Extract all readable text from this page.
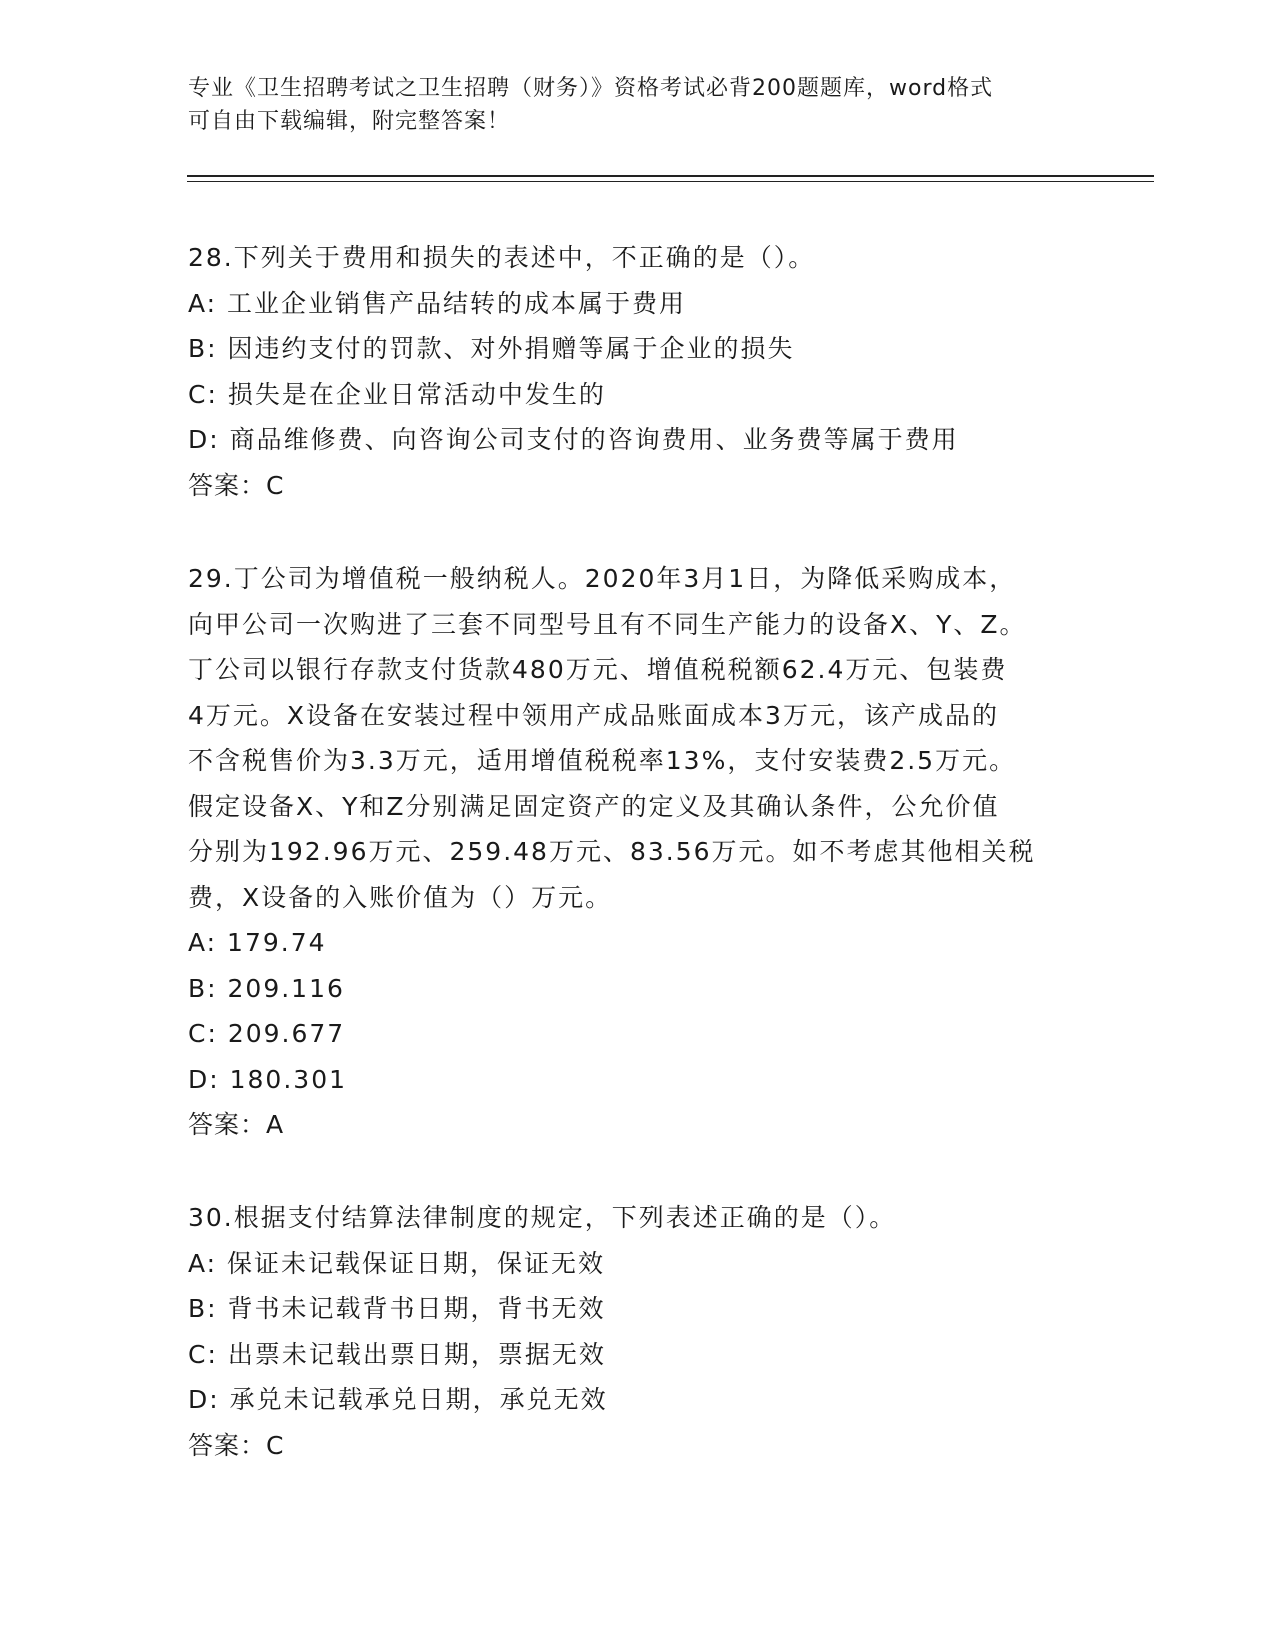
专业《卫生招聘考试之卫生招聘（财务）》资格考试必背200题题库，word格式
可自由下载编辑，附完整答案！

28.下列关于费用和损失的表述中，不正确的是（）。

A: 工业企业销售产品结转的成本属于费用

B: 因违约支付的罚款、对外捐赠等属于企业的损失

C: 损失是在企业日常活动中发生的

D: 商品维修费、向咨询公司支付的咨询费用、业务费等属于费用

答案：C

29.丁公司为增值税一般纳税人。2020年3月1日，为降低采购成本，

向甲公司一次购进了三套不同型号且有不同生产能力的设备X、Y、Z。

丁公司以银行存款支付货款480万元、增值税税额62.4万元、包装费

4万元。X设备在安装过程中领用产成品账面成本3万元，该产成品的

不含税售价为3.3万元，适用增值税税率13%，支付安装费2.5万元。

假定设备X、Y和Z分别满足固定资产的定义及其确认条件，公允价值

分别为192.96万元、259.48万元、83.56万元。如不考虑其他相关税

费，X设备的入账价值为（）万元。

A: 179.74

B: 209.116

C: 209.677

D: 180.301

答案：A

30.根据支付结算法律制度的规定，下列表述正确的是（）。

A: 保证未记载保证日期，保证无效

B: 背书未记载背书日期，背书无效

C: 出票未记载出票日期，票据无效

D: 承兑未记载承兑日期，承兑无效

答案：C
